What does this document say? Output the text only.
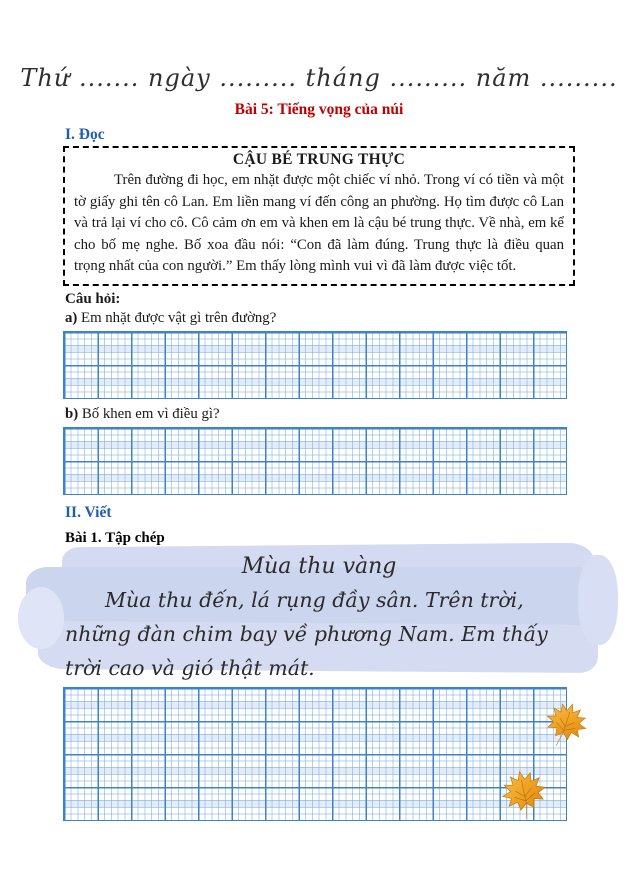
Thứ ....... ngày ......... tháng ......... năm .........
Bài 5: Tiếng vọng của núi
I. Đọc
CẬU BÉ TRUNG THỰC
Trên đường đi học, em nhặt được một chiếc ví nhỏ. Trong ví có tiền và một tờ giấy ghi tên cô Lan. Em liền mang ví đến công an phường. Họ tìm được cô Lan và trả lại ví cho cô. Cô cảm ơn em và khen em là cậu bé trung thực. Về nhà, em kể cho bố mẹ nghe. Bố xoa đầu nói: “Con đã làm đúng. Trung thực là điều quan trọng nhất của con người.” Em thấy lòng mình vui vì đã làm được việc tốt.
Câu hỏi:
a) Em nhặt được vật gì trên đường?
b) Bố khen em vì điều gì?
II. Viết
Bài 1. Tập chép
Mùa thu vàng
Mùa thu đến, lá rụng đầy sân. Trên trời, những đàn chim bay về phương Nam. Em thấy trời cao và gió thật mát.
